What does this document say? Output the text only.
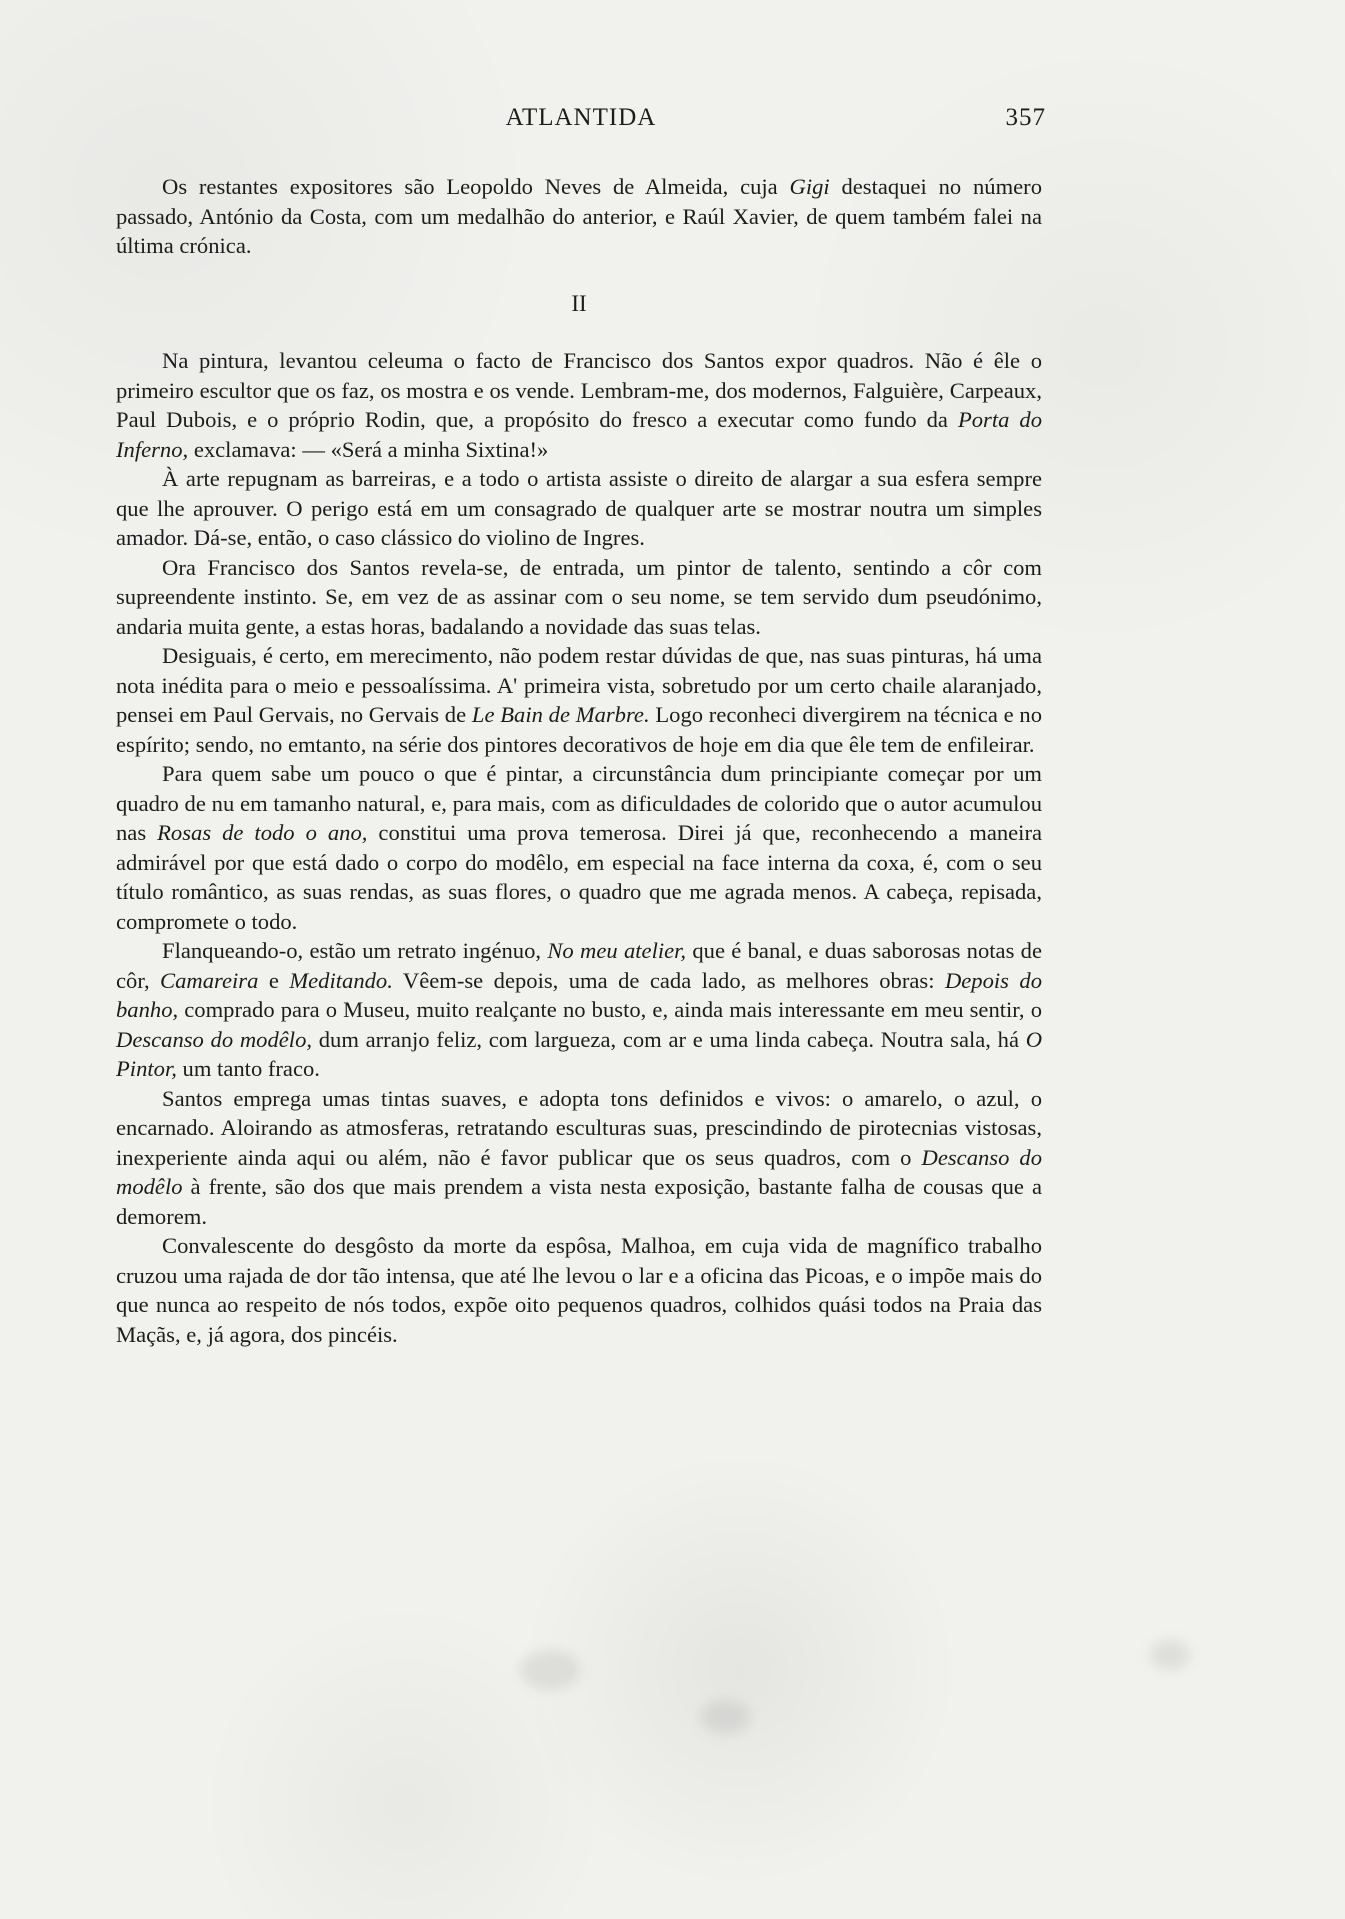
ATLANTIDA	357

Os restantes expositores são Leopoldo Neves de Almeida, cuja Gigi destaquei no número passado, António da Costa, com um medalhão do anterior, e Raúl Xavier, de quem também falei na última crónica.

II

Na pintura, levantou celeuma o facto de Francisco dos Santos expor quadros. Não é êle o primeiro escultor que os faz, os mostra e os vende. Lembram-me, dos modernos, Falguière, Carpeaux, Paul Dubois, e o próprio Rodin, que, a propósito do fresco a executar como fundo da Porta do Inferno, exclamava: — «Será a minha Sixtina!»

À arte repugnam as barreiras, e a todo o artista assiste o direito de alargar a sua esfera sempre que lhe aprouver. O perigo está em um consagrado de qualquer arte se mostrar noutra um simples amador. Dá-se, então, o caso clássico do violino de Ingres.

Ora Francisco dos Santos revela-se, de entrada, um pintor de talento, sentindo a côr com supreendente instinto. Se, em vez de as assinar com o seu nome, se tem servido dum pseudónimo, andaria muita gente, a estas horas, badalando a novidade das suas telas.

Desiguais, é certo, em merecimento, não podem restar dúvidas de que, nas suas pinturas, há uma nota inédita para o meio e pessoalíssima. A' primeira vista, sobretudo por um certo chaile alaranjado, pensei em Paul Gervais, no Gervais de Le Bain de Marbre. Logo reconheci divergirem na técnica e no espírito; sendo, no emtanto, na série dos pintores decorativos de hoje em dia que êle tem de enfileirar.

Para quem sabe um pouco o que é pintar, a circunstância dum principiante começar por um quadro de nu em tamanho natural, e, para mais, com as dificuldades de colorido que o autor acumulou nas Rosas de todo o ano, constitui uma prova temerosa. Direi já que, reconhecendo a maneira admirável por que está dado o corpo do modêlo, em especial na face interna da coxa, é, com o seu título romântico, as suas rendas, as suas flores, o quadro que me agrada menos. A cabeça, repisada, compromete o todo.

Flanqueando-o, estão um retrato ingénuo, No meu atelier, que é banal, e duas saborosas notas de côr, Camareira e Meditando. Vêem-se depois, uma de cada lado, as melhores obras: Depois do banho, comprado para o Museu, muito realçante no busto, e, ainda mais interessante em meu sentir, o Descanso do modêlo, dum arranjo feliz, com largueza, com ar e uma linda cabeça. Noutra sala, há O Pintor, um tanto fraco.

Santos emprega umas tintas suaves, e adopta tons definidos e vivos: o amarelo, o azul, o encarnado. Aloirando as atmosferas, retratando esculturas suas, prescindindo de pirotecnias vistosas, inexperiente ainda aqui ou além, não é favor publicar que os seus quadros, com o Descanso do modêlo à frente, são dos que mais prendem a vista nesta exposição, bastante falha de cousas que a demorem.

Convalescente do desgôsto da morte da espôsa, Malhoa, em cuja vida de magnífico trabalho cruzou uma rajada de dor tão intensa, que até lhe levou o lar e a oficina das Picoas, e o impõe mais do que nunca ao respeito de nós todos, expõe oito pequenos quadros, colhidos quási todos na Praia das Maçãs, e, já agora, dos pincéis.
